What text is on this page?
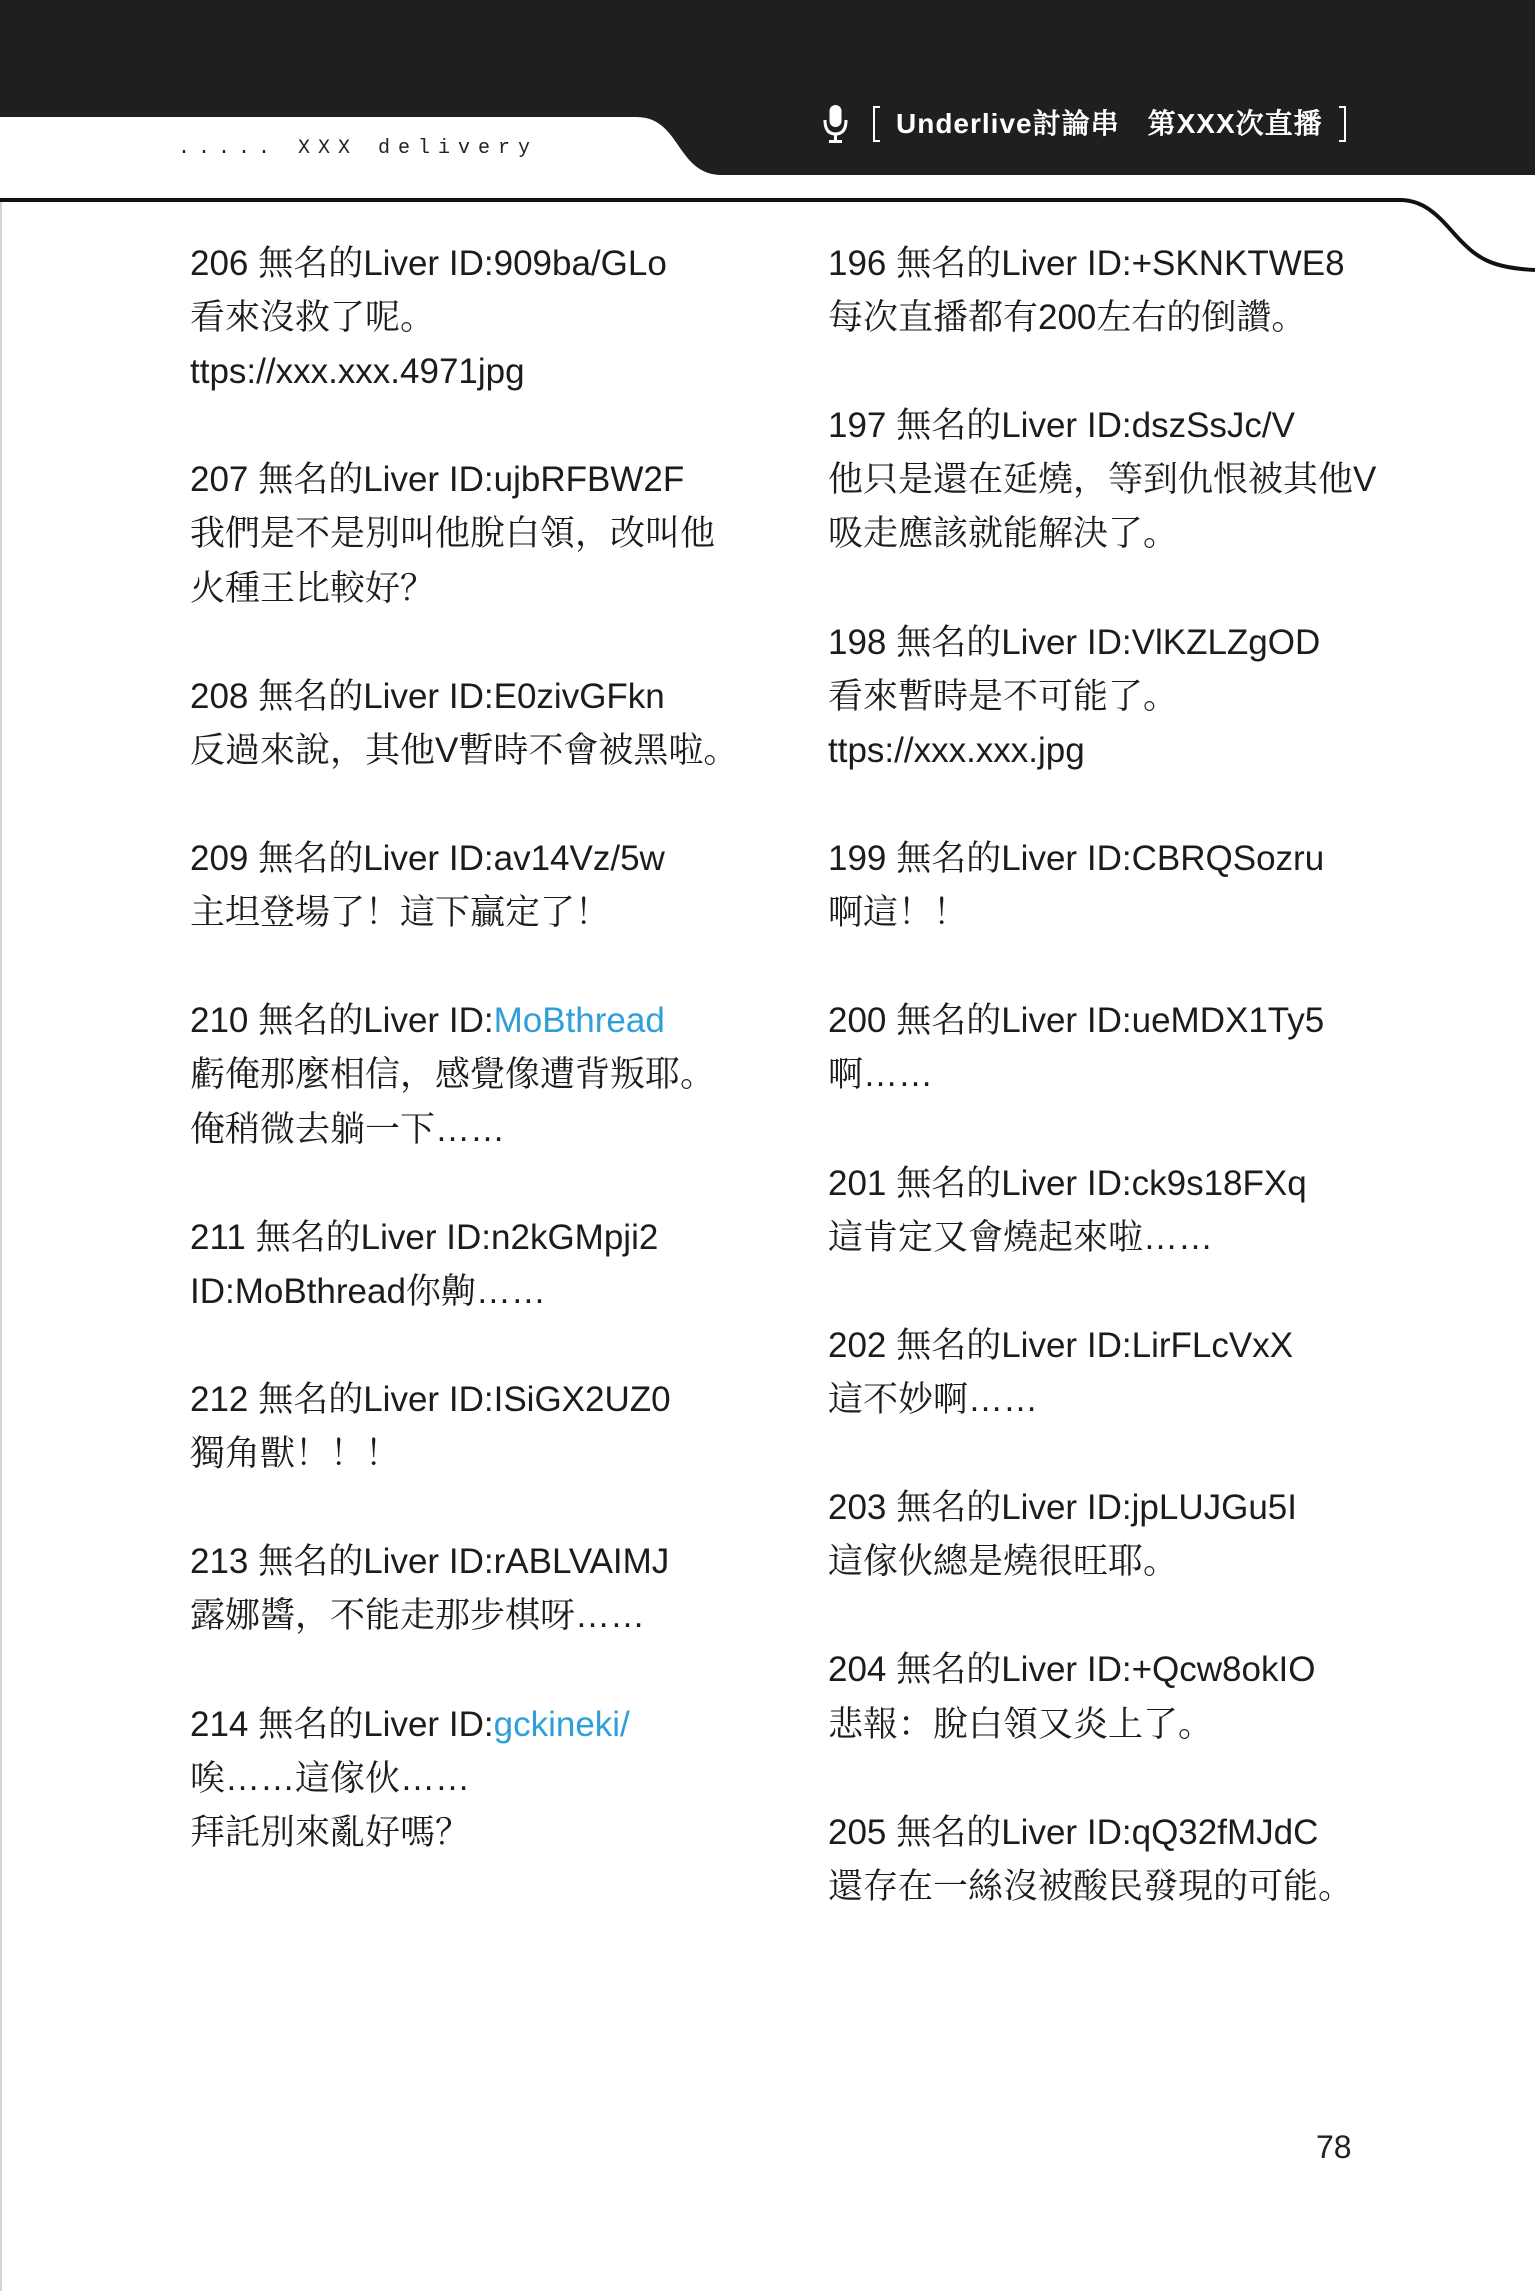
..... XXX delivery
Underlive討論串 第XXX次直播
206 無名的Liver ID:909ba/GLo
看來沒救了呢。
ttps://xxx.xxx.4971jpg
207 無名的Liver ID:ujbRFBW2F
我們是不是別叫他脫白領，改叫他
火種王比較好？
208 無名的Liver ID:E0zivGFkn
反過來說，其他V暫時不會被黑啦。
209 無名的Liver ID:av14Vz/5w
主坦登場了！這下贏定了！
210 無名的Liver ID:MoBthread
虧俺那麼相信，感覺像遭背叛耶。
俺稍微去躺一下……
211 無名的Liver ID:n2kGMpji2
ID:MoBthread你齁……
212 無名的Liver ID:ISiGX2UZ0
獨角獸！！！
213 無名的Liver ID:rABLVAIMJ
露娜醬，不能走那步棋呀……
214 無名的Liver ID:gckineki/
唉……這傢伙……
拜託別來亂好嗎？
196 無名的Liver ID:+SKNKTWE8
每次直播都有200左右的倒讚。
197 無名的Liver ID:dszSsJc/V
他只是還在延燒，等到仇恨被其他V
吸走應該就能解決了。
198 無名的Liver ID:VlKZLZgOD
看來暫時是不可能了。
ttps://xxx.xxx.jpg
199 無名的Liver ID:CBRQSozru
啊這！！
200 無名的Liver ID:ueMDX1Ty5
啊……
201 無名的Liver ID:ck9s18FXq
這肯定又會燒起來啦……
202 無名的Liver ID:LirFLcVxX
這不妙啊……
203 無名的Liver ID:jpLUJGu5I
這傢伙總是燒很旺耶。
204 無名的Liver ID:+Qcw8okIO
悲報：脫白領又炎上了。
205 無名的Liver ID:qQ32fMJdC
還存在一絲沒被酸民發現的可能。
78
